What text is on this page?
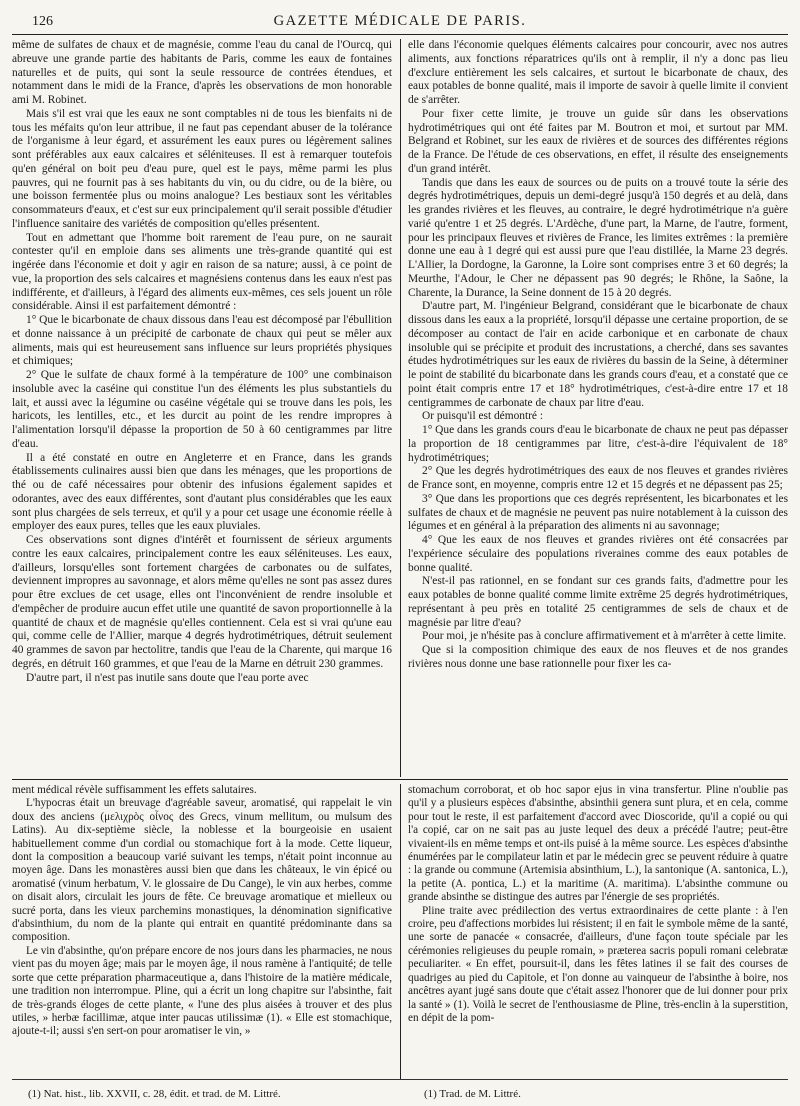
126	GAZETTE MÉDICALE DE PARIS.

même de sulfates de chaux et de magnésie, comme l'eau du canal de l'Ourcq, qui abreuve une grande partie des habitants de Paris, comme les eaux de fontaines naturelles et de puits, qui sont la seule ressource de contrées étendues, et notamment dans le midi de la France, d'après les observations de mon honorable ami M. Robinet.

Mais s'il est vrai que les eaux ne sont comptables ni de tous les bienfaits ni de tous les méfaits qu'on leur attribue, il ne faut pas cependant abuser de la tolérance de l'organisme à leur égard, et assurément les eaux pures ou légèrement salines sont préférables aux eaux calcaires et séléniteuses. Il est à remarquer toutefois qu'en général on boit peu d'eau pure, quel est le pays, même parmi les plus pauvres, qui ne fournit pas à ses habitants du vin, ou du cidre, ou de la bière, ou une boisson fermentée plus ou moins analogue? Les bestiaux sont les véritables consommateurs d'eaux, et c'est sur eux principalement qu'il serait possible d'étudier l'influence sanitaire des variétés de composition qu'elles présentent.

Tout en admettant que l'homme boit rarement de l'eau pure, on ne saurait contester qu'il en emploie dans ses aliments une très-grande quantité qui est ingérée dans l'économie et doit y agir en raison de sa nature; aussi, à ce point de vue, la proportion des sels calcaires et magnésiens contenus dans les eaux n'est pas indifférente, et d'ailleurs, à l'égard des aliments eux-mêmes, ces sels jouent un rôle considérable. Ainsi il est parfaitement démontré :

1° Que le bicarbonate de chaux dissous dans l'eau est décomposé par l'ébullition et donne naissance à un précipité de carbonate de chaux qui peut se mêler aux aliments, mais qui est heureusement sans influence sur leurs propriétés physiques et chimiques;

2° Que le sulfate de chaux formé à la température de 100° une combinaison insoluble avec la caséine qui constitue l'un des éléments les plus substantiels du lait, et aussi avec la légumine ou caséine végétale qui se trouve dans les pois, les haricots, les lentilles, etc., et les durcit au point de les rendre impropres à l'alimentation lorsqu'il dépasse la proportion de 50 à 60 centigrammes par litre d'eau.

Il a été constaté en outre en Angleterre et en France, dans les grands établissements culinaires aussi bien que dans les ménages, que les proportions de thé ou de café nécessaires pour obtenir des infusions également sapides et odorantes, avec des eaux différentes, sont d'autant plus considérables que les eaux sont plus chargées de sels terreux, et qu'il y a pour cet usage une économie réelle à employer des eaux pures, telles que les eaux pluviales.

Ces observations sont dignes d'intérêt et fournissent de sérieux arguments contre les eaux calcaires, principalement contre les eaux séléniteuses. Les eaux, d'ailleurs, lorsqu'elles sont fortement chargées de carbonates ou de sulfates, deviennent impropres au savonnage, et alors même qu'elles ne sont pas assez dures pour être exclues de cet usage, elles ont l'inconvénient de rendre insoluble et d'empêcher de produire aucun effet utile une quantité de savon proportionnelle à la quantité de chaux et de magnésie qu'elles contiennent. Cela est si vrai qu'une eau qui, comme celle de l'Allier, marque 4 degrés hydrotimétriques, détruit seulement 40 grammes de savon par hectolitre, tandis que l'eau de la Charente, qui marque 16 degrés, en détruit 160 grammes, et que l'eau de la Marne en détruit 230 grammes.

D'autre part, il n'est pas inutile sans doute que l'eau porte avec

elle dans l'économie quelques éléments calcaires pour concourir, avec nos autres aliments, aux fonctions réparatrices qu'ils ont à remplir, il n'y a donc pas lieu d'exclure entièrement les sels calcaires, et surtout le bicarbonate de chaux, des eaux potables de bonne qualité, mais il importe de savoir à quelle limite il convient de s'arrêter.

Pour fixer cette limite, je trouve un guide sûr dans les observations hydrotimétriques qui ont été faites par M. Boutron et moi, et surtout par MM. Belgrand et Robinet, sur les eaux de rivières et de sources des différentes régions de la France. De l'étude de ces observations, en effet, il résulte des enseignements d'un grand intérêt.

Tandis que dans les eaux de sources ou de puits on a trouvé toute la série des degrés hydrotimétriques, depuis un demi-degré jusqu'à 150 degrés et au delà, dans les grandes rivières et les fleuves, au contraire, le degré hydrotimétrique n'a guère varié qu'entre 1 et 25 degrés. L'Ardèche, d'une part, la Marne, de l'autre, forment, pour les principaux fleuves et rivières de France, les limites extrêmes : la première donne une eau à 1 degré qui est aussi pure que l'eau distillée, la Marne 23 degrés. L'Allier, la Dordogne, la Garonne, la Loire sont comprises entre 3 et 60 degrés; la Meurthe, l'Adour, le Cher ne dépassent pas 90 degrés; le Rhône, la Saône, la Charente, la Durance, la Seine donnent de 15 à 20 degrés.

D'autre part, M. l'ingénieur Belgrand, considérant que le bicarbonate de chaux dissous dans les eaux a la propriété, lorsqu'il dépasse une certaine proportion, de se décomposer au contact de l'air en acide carbonique et en carbonate de chaux insoluble qui se précipite et produit des incrustations, a cherché, dans ses savantes études hydrotimétriques sur les eaux de rivières du bassin de la Seine, à déterminer le point de stabilité du bicarbonate dans les grands cours d'eau, et a constaté que ce point était compris entre 17 et 18° hydrotimétriques, c'est-à-dire entre 17 et 18 centigrammes de carbonate de chaux par litre d'eau.

Or puisqu'il est démontré :

1° Que dans les grands cours d'eau le bicarbonate de chaux ne peut pas dépasser la proportion de 18 centigrammes par litre, c'est-à-dire l'équivalent de 18° hydrotimétriques;

2° Que les degrés hydrotimétriques des eaux de nos fleuves et grandes rivières de France sont, en moyenne, compris entre 12 et 15 degrés et ne dépassent pas 25;

3° Que dans les proportions que ces degrés représentent, les bicarbonates et les sulfates de chaux et de magnésie ne peuvent pas nuire notablement à la cuisson des légumes et en général à la préparation des aliments ni au savonnage;

4° Que les eaux de nos fleuves et grandes rivières ont été consacrées par l'expérience séculaire des populations riveraines comme des eaux potables de bonne qualité.

N'est-il pas rationnel, en se fondant sur ces grands faits, d'admettre pour les eaux potables de bonne qualité comme limite extrême 25 degrés hydrotimétriques, représentant à peu près en totalité 25 centigrammes de sels de chaux et de magnésie par litre d'eau?

Pour moi, je n'hésite pas à conclure affirmativement et à m'arrêter à cette limite.

Que si la composition chimique des eaux de nos fleuves et de nos grandes rivières nous donne une base rationnelle pour fixer les ca-

ment médical révèle suffisamment les effets salutaires.

L'hypocras était un breuvage d'agréable saveur, aromatisé, qui rappelait le vin doux des anciens (μελιχρὸς οἶνος des Grecs, vinum mellitum, ou mulsum des Latins). Au dix-septième siècle, la noblesse et la bourgeoisie en usaient habituellement comme d'un cordial ou stomachique fort à la mode. Cette liqueur, dont la composition a beaucoup varié suivant les temps, n'était point inconnue au moyen âge. Dans les monastères aussi bien que dans les châteaux, le vin épicé ou aromatisé (vinum herbatum, V. le glossaire de Du Cange), le vin aux herbes, comme on disait alors, circulait les jours de fête. Ce breuvage aromatique et mielleux ou sucré porta, dans les vieux parchemins monastiques, la dénomination significative d'absinthium, du nom de la plante qui entrait en quantité prédominante dans sa composition.

Le vin d'absinthe, qu'on prépare encore de nos jours dans les pharmacies, ne nous vient pas du moyen âge; mais par le moyen âge, il nous ramène à l'antiquité; de telle sorte que cette préparation pharmaceutique a, dans l'histoire de la matière médicale, une tradition non interrompue. Pline, qui a écrit un long chapitre sur l'absinthe, fait de très-grands éloges de cette plante, « l'une des plus aisées à trouver et des plus utiles, » herbæ facillimæ, atque inter paucas utilissimæ (1). « Elle est stomachique, ajoute-t-il; aussi s'en sert-on pour aromatiser le vin, »

stomachum corroborat, et ob hoc sapor ejus in vina transfertur. Pline n'oublie pas qu'il y a plusieurs espèces d'absinthe, absinthii genera sunt plura, et en cela, comme pour tout le reste, il est parfaitement d'accord avec Dioscoride, qu'il a copié ou qui l'a copié, car on ne sait pas au juste lequel des deux a précédé l'autre; peut-être vivaient-ils en même temps et ont-ils puisé à la même source. Les espèces d'absinthe énumérées par le compilateur latin et par le médecin grec se peuvent réduire à quatre : la grande ou commune (Artemisia absinthium, L.), la santonique (A. santonica, L.), la petite (A. pontica, L.) et la maritime (A. maritima). L'absinthe commune ou grande absinthe se distingue des autres par l'énergie de ses propriétés.

Pline traite avec prédilection des vertus extraordinaires de cette plante : à l'en croire, peu d'affections morbides lui résistent; il en fait le symbole même de la santé, une sorte de panacée « consacrée, d'ailleurs, d'une façon toute spéciale par les cérémonies religieuses du peuple romain, » præterea sacris populi romani celebratæ peculiariter. « En effet, poursuit-il, dans les fêtes latines il se fait des courses de quadriges au pied du Capitole, et l'on donne au vainqueur de l'absinthe à boire, nos ancêtres ayant jugé sans doute que c'était assez l'honorer que de lui donner pour prix la santé » (1). Voilà le secret de l'enthousiasme de Pline, très-enclin à la superstition, en dépit de la pom-

(1) Nat. hist., lib. XXVII, c. 28, édit. et trad. de M. Littré.	(1) Trad. de M. Littré.
